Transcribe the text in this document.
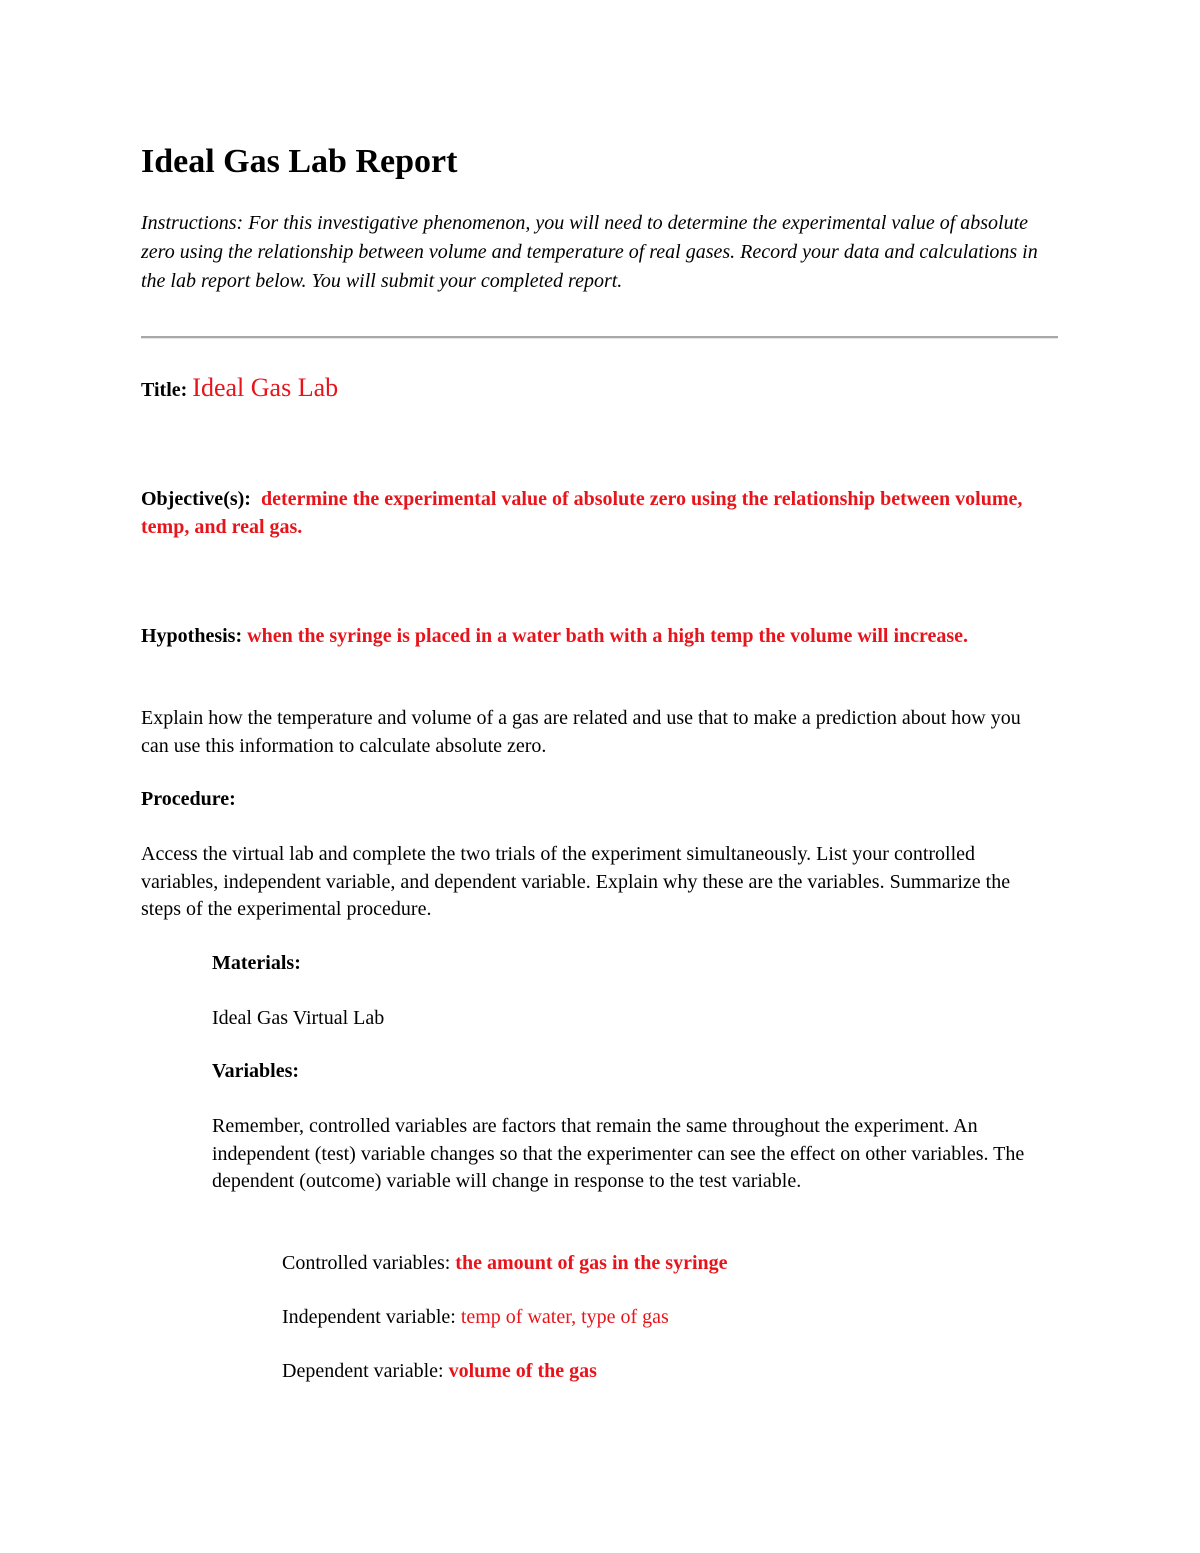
Ideal Gas Lab Report

Instructions: For this investigative phenomenon, you will need to determine the experimental value of absolute zero using the relationship between volume and temperature of real gases. Record your data and calculations in the lab report below. You will submit your completed report.

Title: Ideal Gas Lab

Objective(s): determine the experimental value of absolute zero using the relationship between volume, temp, and real gas.

Hypothesis: when the syringe is placed in a water bath with a high temp the volume will increase.

Explain how the temperature and volume of a gas are related and use that to make a prediction about how you can use this information to calculate absolute zero.

Procedure:

Access the virtual lab and complete the two trials of the experiment simultaneously. List your controlled variables, independent variable, and dependent variable. Explain why these are the variables. Summarize the steps of the experimental procedure.

Materials:

Ideal Gas Virtual Lab

Variables:

Remember, controlled variables are factors that remain the same throughout the experiment. An independent (test) variable changes so that the experimenter can see the effect on other variables. The dependent (outcome) variable will change in response to the test variable.

Controlled variables: the amount of gas in the syringe

Independent variable: temp of water, type of gas

Dependent variable: volume of the gas
